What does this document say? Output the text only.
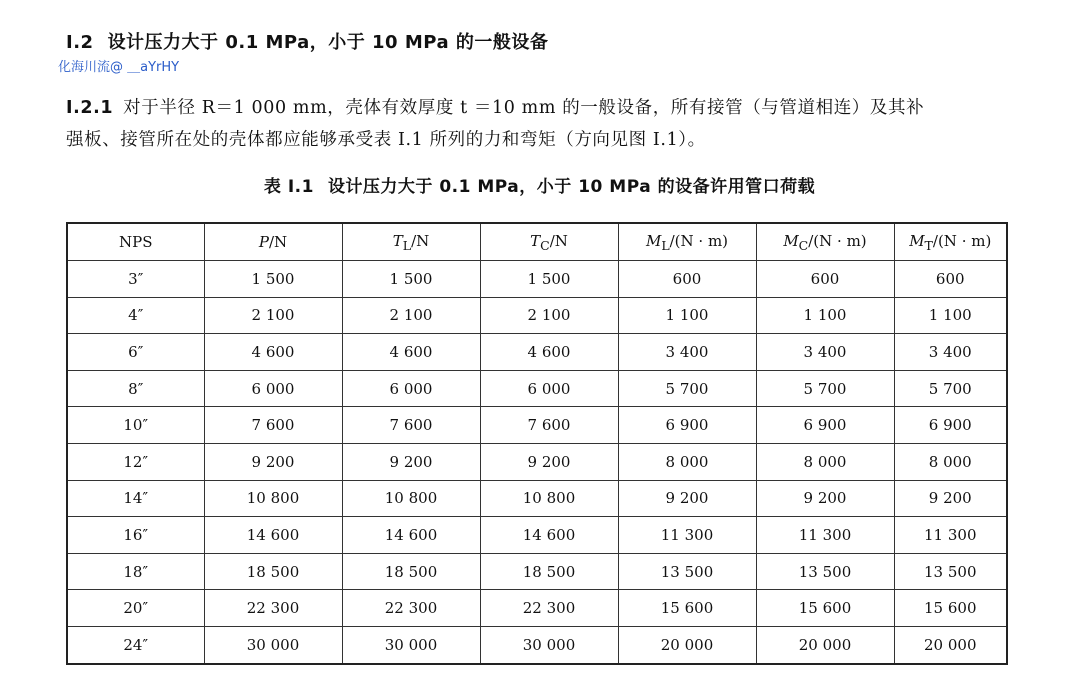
I.2 设计压力大于 0.1 MPa，小于 10 MPa 的一般设备
化海川流@ ＿aYrHY
I.2.1 对于半径 R＝1 000 mm，壳体有效厚度 t ＝10 mm 的一般设备，所有接管（与管道相连）及其补
强板、接管所在处的壳体都应能够承受表 I.1 所列的力和弯矩（方向见图 I.1）。
表 I.1 设计压力大于 0.1 MPa，小于 10 MPa 的设备许用管口荷载
NPS	P/N	$T_L/N$	$T_C/N$	$M_L/(N \cdot m)$	$M_C/(N \cdot m)$	$M_T/(N \cdot m)$
3″	1 500	1 500	1 500	600	600	600
4″	2 100	2 100	2 100	1 100	1 100	1 100
6″	4 600	4 600	4 600	3 400	3 400	3 400
8″	6 000	6 000	6 000	5 700	5 700	5 700
10″	7 600	7 600	7 600	6 900	6 900	6 900
12″	9 200	9 200	9 200	8 000	8 000	8 000
14″	10 800	10 800	10 800	9 200	9 200	9 200
16″	14 600	14 600	14 600	11 300	11 300	11 300
18″	18 500	18 500	18 500	13 500	13 500	13 500
20″	22 300	22 300	22 300	15 600	15 600	15 600
24″	30 000	30 000	30 000	20 000	20 000	20 000
